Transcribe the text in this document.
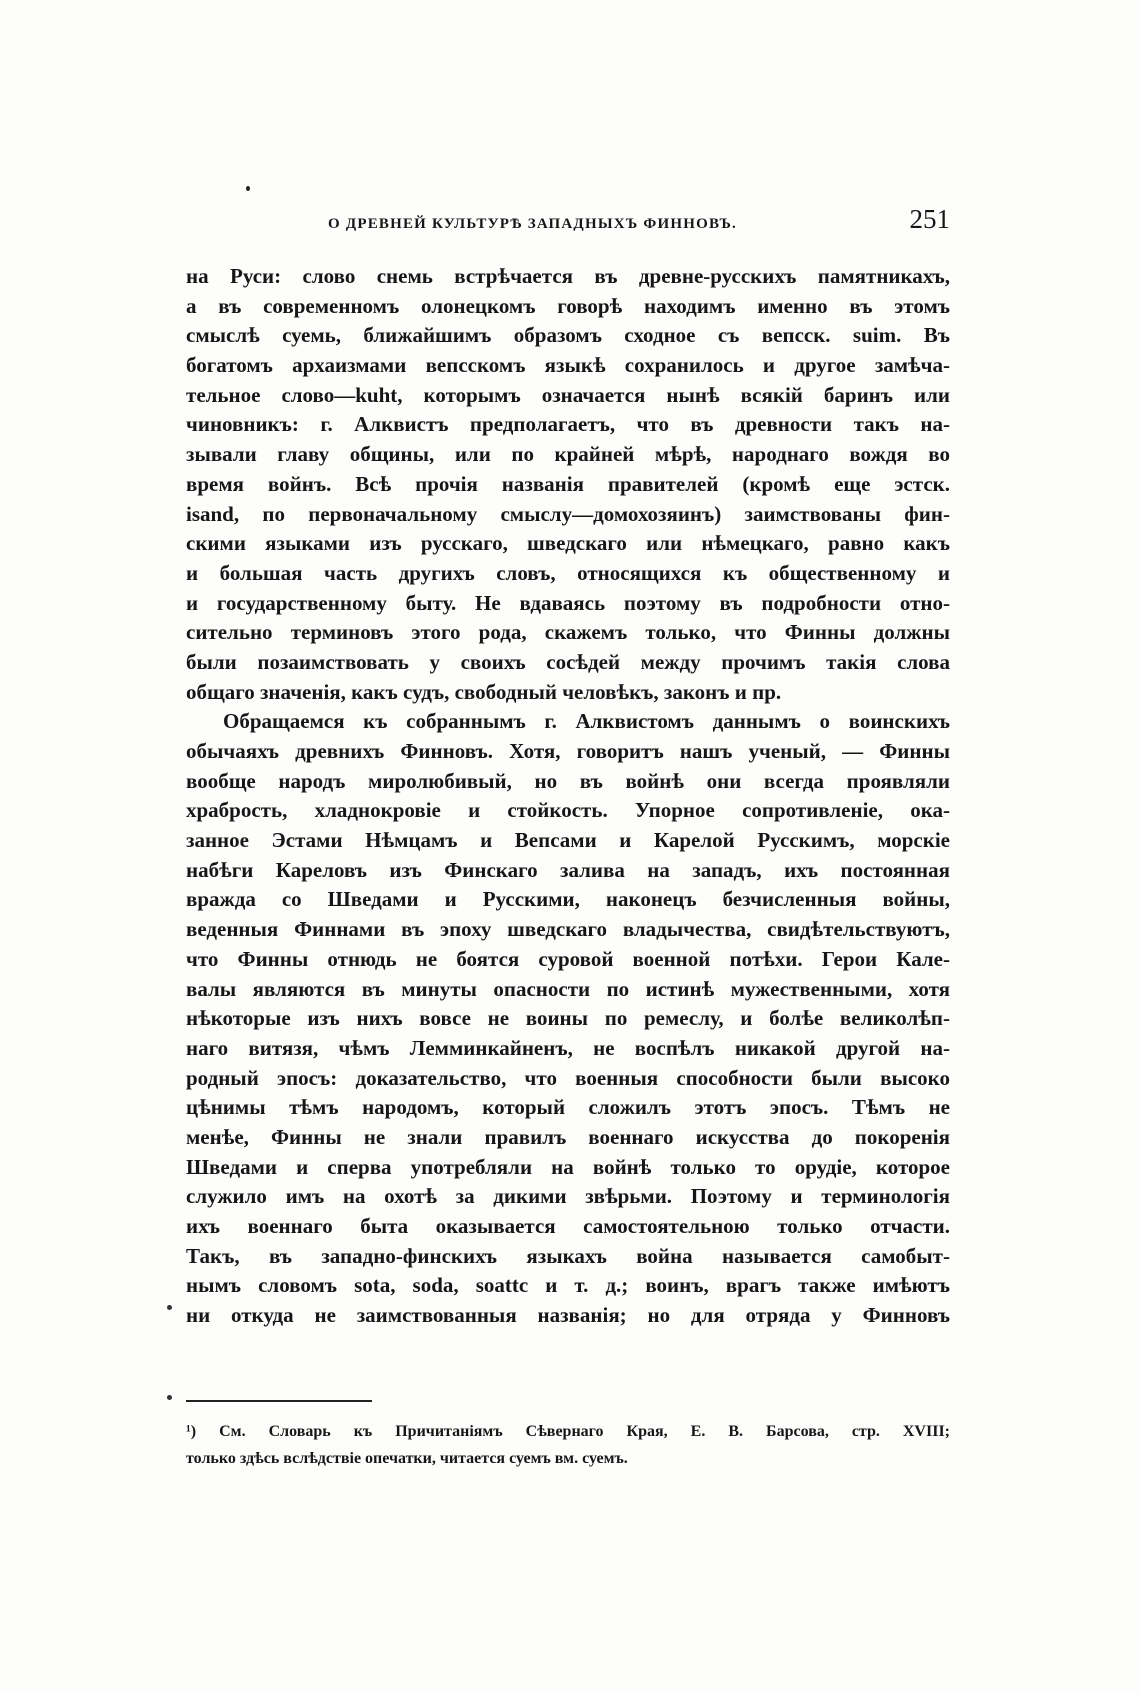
О ДРЕВНЕЙ КУЛЬТУРѢ ЗАПАДНЫХЪ ФИННОВЪ.	251
на Руси: слово снемь встрѣчается въ древне-русскихъ памятникахъ,
а въ современномъ олонецкомъ говорѣ находимъ именно въ этомъ
смыслѣ суемь, ближайшимъ образомъ сходное съ вепсск. suim. Въ
богатомъ архаизмами вепсскомъ языкѣ сохранилось и другое замѣча-
тельное слово—kuht, которымъ означается нынѣ всякій баринъ или
чиновникъ: г. Алквистъ предполагаетъ, что въ древности такъ на-
зывали главу общины, или по крайней мѣрѣ, народнаго вождя во
время войнъ. Всѣ прочія названія правителей (кромѣ еще эстск.
isand, по первоначальному смыслу—домохозяинъ) заимствованы фин-
скими языками изъ русскаго, шведскаго или нѣмецкаго, равно какъ
и большая часть другихъ словъ, относящихся къ общественному и
и государственному быту. Не вдаваясь поэтому въ подробности отно-
сительно терминовъ этого рода, скажемъ только, что Финны должны
были позаимствовать у своихъ сосѣдей между прочимъ такія слова
общаго значенія, какъ судъ, свободный человѣкъ, законъ и пр.
Обращаемся къ собраннымъ г. Алквистомъ даннымъ о воинскихъ
обычаяхъ древнихъ Финновъ. Хотя, говоритъ нашъ ученый, — Финны
вообще народъ миролюбивый, но въ войнѣ они всегда проявляли
храбрость, хладнокровіе и стойкость. Упорное сопротивленіе, ока-
занное Эстами Нѣмцамъ и Вепсами и Карелой Русскимъ, морскіе
набѣги Кареловъ изъ Финскаго залива на западъ, ихъ постоянная
вражда со Шведами и Русскими, наконецъ безчисленныя войны,
веденныя Финнами въ эпоху шведскаго владычества, свидѣтельствуютъ,
что Финны отнюдь не боятся суровой военной потѣхи. Герои Кале-
валы являются въ минуты опасности по истинѣ мужественными, хотя
нѣкоторые изъ нихъ вовсе не воины по ремеслу, и болѣе великолѣп-
наго витязя, чѣмъ Лемминкайненъ, не воспѣлъ никакой другой на-
родный эпосъ: доказательство, что военныя способности были высоко
цѣнимы тѣмъ народомъ, который сложилъ этотъ эпосъ. Тѣмъ не
менѣе, Финны не знали правилъ военнаго искусства до покоренія
Шведами и сперва употребляли на войнѣ только то орудіе, которое
служило имъ на охотѣ за дикими звѣрьми. Поэтому и терминологія
ихъ военнаго быта оказывается самостоятельною только отчасти.
Такъ, въ западно-финскихъ языкахъ война называется самобыт-
нымъ словомъ sota, soda, soattc и т. д.; воинъ, врагъ также имѣютъ
ни откуда не заимствованныя названія; но для отряда у Финновъ
¹) См. Словарь къ Причитаніямъ Сѣвернаго Края, Е. В. Барсова, стр. XVIII;
только здѣсь вслѣдствіе опечатки, читается суемъ вм. суемъ.
